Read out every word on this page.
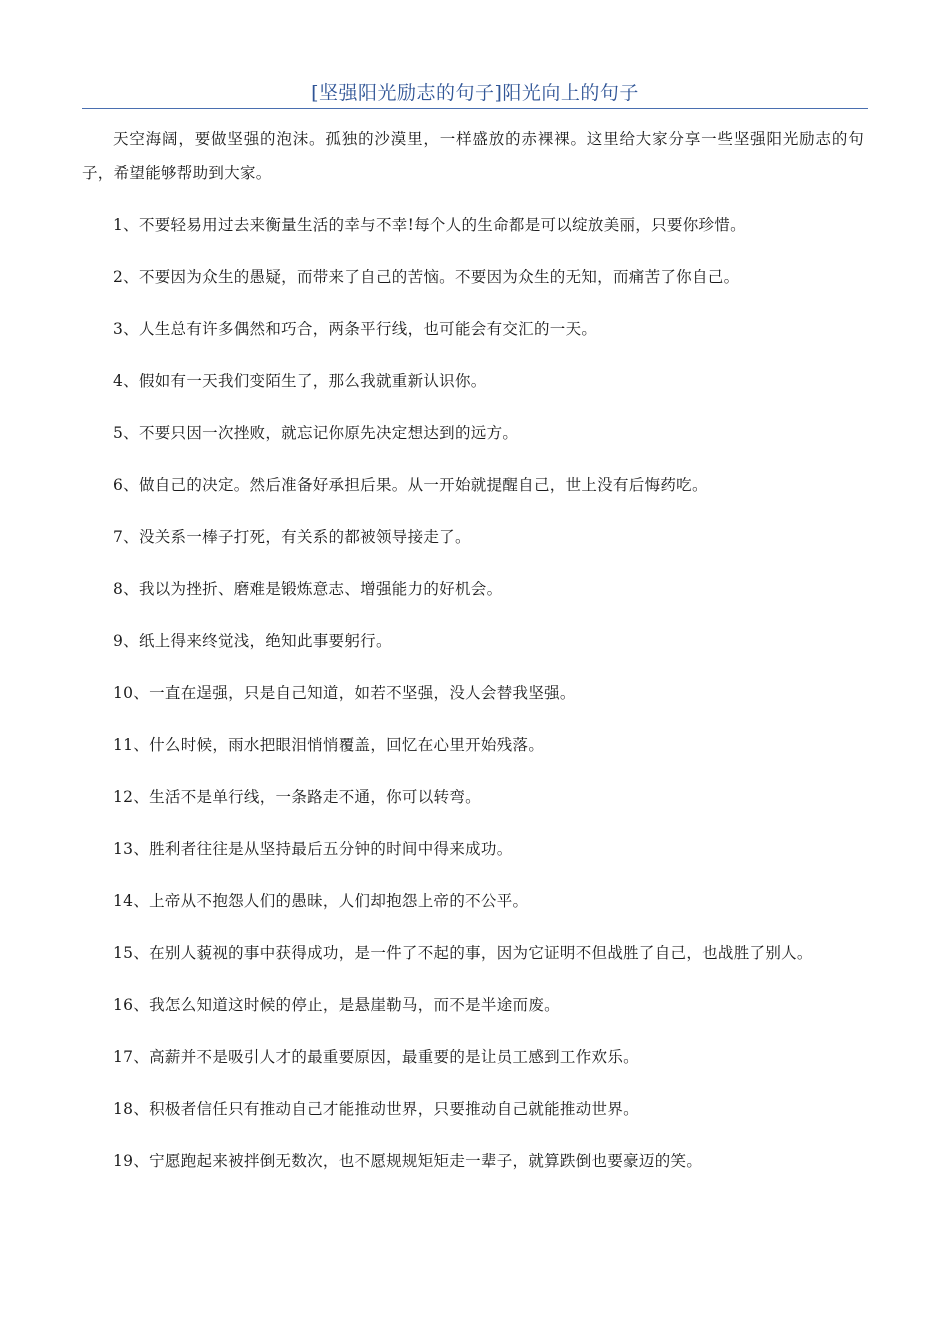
[坚强阳光励志的句子]阳光向上的句子

天空海阔，要做坚强的泡沫。孤独的沙漠里，一样盛放的赤裸裸。这里给大家分享一些坚强阳光励志的句子，希望能够帮助到大家。

1、不要轻易用过去来衡量生活的幸与不幸!每个人的生命都是可以绽放美丽，只要你珍惜。

2、不要因为众生的愚疑，而带来了自己的苦恼。不要因为众生的无知，而痛苦了你自己。

3、人生总有许多偶然和巧合，两条平行线，也可能会有交汇的一天。

4、假如有一天我们变陌生了，那么我就重新认识你。

5、不要只因一次挫败，就忘记你原先决定想达到的远方。

6、做自己的决定。然后准备好承担后果。从一开始就提醒自己，世上没有后悔药吃。

7、没关系一棒子打死，有关系的都被领导接走了。

8、我以为挫折、磨难是锻炼意志、增强能力的好机会。

9、纸上得来终觉浅，绝知此事要躬行。

10、一直在逞强，只是自己知道，如若不坚强，没人会替我坚强。

11、什么时候，雨水把眼泪悄悄覆盖，回忆在心里开始残落。

12、生活不是单行线，一条路走不通，你可以转弯。

13、胜利者往往是从坚持最后五分钟的时间中得来成功。

14、上帝从不抱怨人们的愚昧，人们却抱怨上帝的不公平。

15、在别人藐视的事中获得成功，是一件了不起的事，因为它证明不但战胜了自己，也战胜了别人。

16、我怎么知道这时候的停止，是悬崖勒马，而不是半途而废。

17、高薪并不是吸引人才的最重要原因，最重要的是让员工感到工作欢乐。

18、积极者信任只有推动自己才能推动世界，只要推动自己就能推动世界。

19、宁愿跑起来被拌倒无数次，也不愿规规矩矩走一辈子，就算跌倒也要豪迈的笑。
